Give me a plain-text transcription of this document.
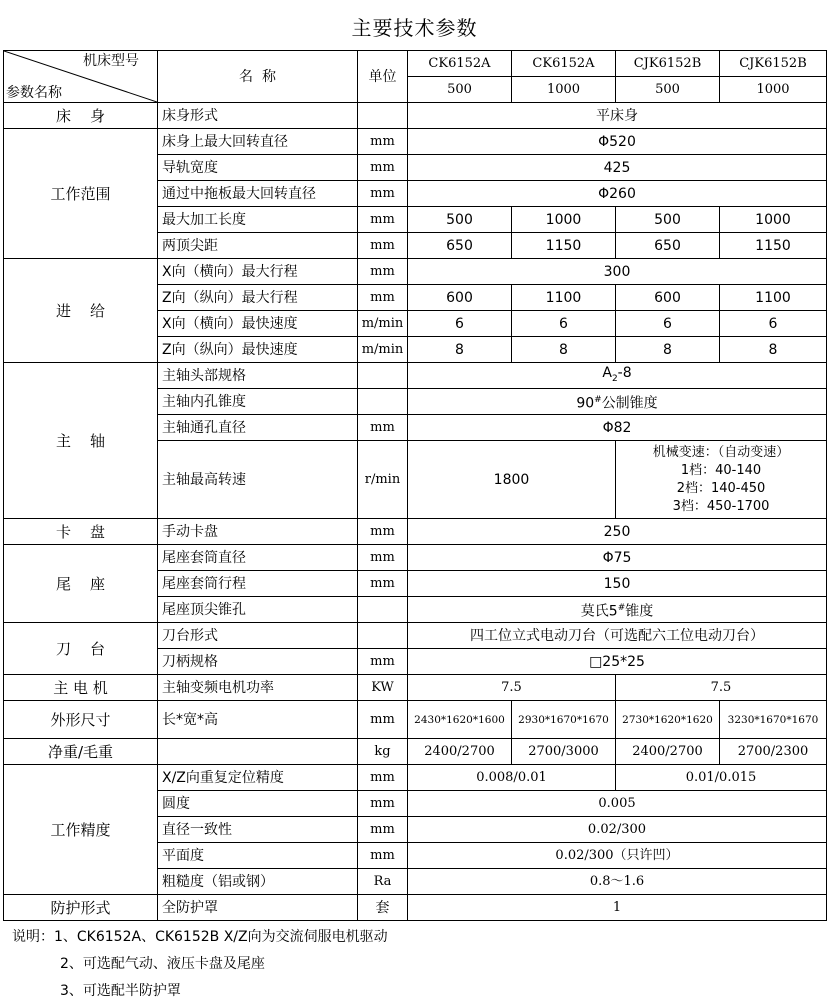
主要技术参数
机床型号
参数名称	名  称	单位	CK6152A	CK6152A	CJK6152B	CJK6152B
			500	1000	500	1000
床    身	床身形式		平床身			
工作范围	床身上最大回转直径	mm	Φ520			
	导轨宽度	mm	425			
	通过中拖板最大回转直径	mm	Φ260			
	最大加工长度	mm	500	1000	500	1000
	两顶尖距	mm	650	1150	650	1150
进    给	X向（横向）最大行程	mm	300			
	Z向（纵向）最大行程	mm	600	1100	600	1100
	X向（横向）最快速度	m/min	6	6	6	6
	Z向（纵向）最快速度	m/min	8	8	8	8
主    轴	主轴头部规格		$A_2-8$			
	主轴内孔锥度		90#公制锥度			
	主轴通孔直径	mm	Φ82			
	主轴最高转速	r/min	1800		机械变速：（自动变速）
1档：40-140
2档：140-450
3档：450-1700	

卡    盘	手动卡盘	mm	250			
尾    座	尾座套筒直径	mm	Φ75			
	尾座套筒行程	mm	150			
	尾座顶尖锥孔		莫氏5#锥度			
刀    台	刀台形式		四工位立式电动刀台（可选配六工位电动刀台）			
	刀柄规格	mm	□25*25			
主 电 机	主轴变频电机功率	KW	7.5		7.5	
外形尺寸	长*宽*高	mm	2430*1620*1600	2930*1670*1670	2730*1620*1620	3230*1670*1670
净重/毛重		kg	2400/2700	2700/3000	2400/2700	2700/2300
工作精度	X/Z向重复定位精度	mm	0.008/0.01		0.01/0.015	
	圆度	mm	0.005			
	直径一致性	mm	0.02/300			
	平面度	mm	0.02/300（只许凹）			
	粗糙度（铝或钢）	Ra	0.8～1.6			
防护形式	全防护罩	套	1			
说明：1、CK6152A、CK6152B X/Z向为交流伺服电机驱动
2、可选配气动、液压卡盘及尾座
3、可选配半防护罩
